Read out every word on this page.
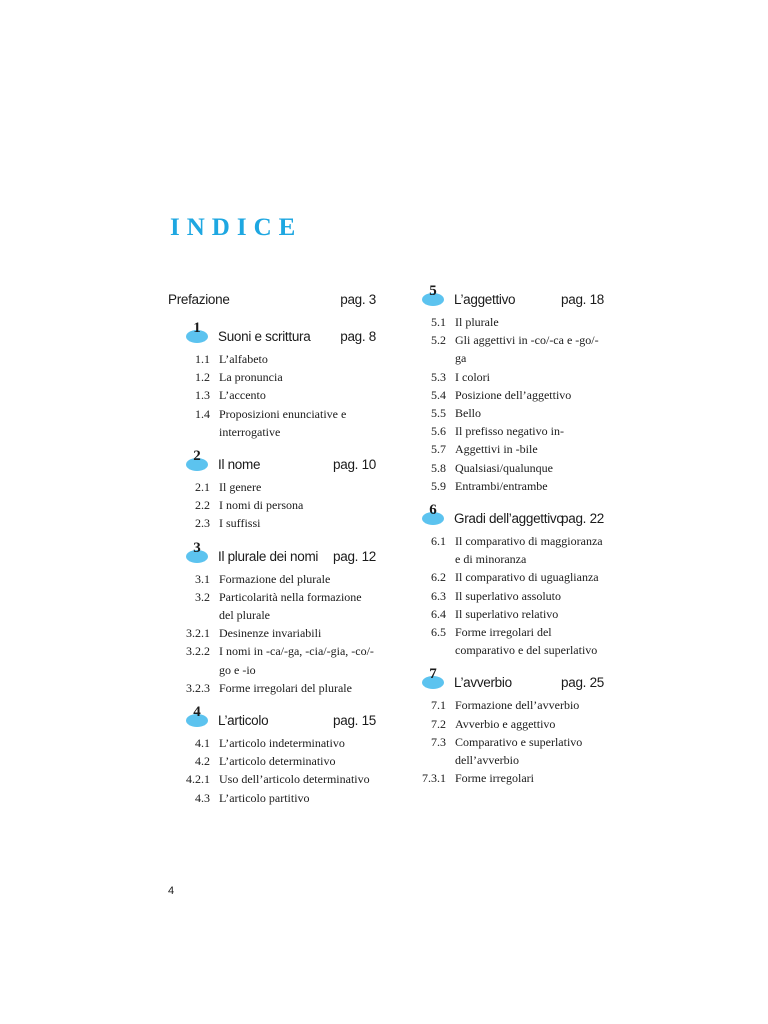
INDICE
Prefazione	pag. 3
1
Suoni e scrittura pag. 8
1.1 L’alfabeto
1.2 La pronuncia
1.3 L’accento
1.4 Proposizioni enunciative e interrogative
2
Il nome	pag. 10
2.1 Il genere
2.2 I nomi di persona
2.3 I suffissi
3
Il plurale dei nomi pag. 12
3.1 Formazione del plurale
3.2 Particolarità nella formazione del plurale
3.2.1 Desinenze invariabili
3.2.2 I nomi in -ca/-ga, -cia/-gia, -co/-go e -io
3.2.3 Forme irregolari del plurale
4
L’articolo	pag. 15
4.1 L’articolo indeterminativo
4.2 L’articolo determinativo
4.2.1 Uso dell’articolo determinativo
4.3 L’articolo partitivo
5
L’aggettivo	pag. 18
5.1 Il plurale
5.2 Gli aggettivi in -co/-ca e -go/-ga
5.3 I colori
5.4 Posizione dell’aggettivo
5.5 Bello
5.6 Il prefisso negativo in-
5.7 Aggettivi in -bile
5.8 Qualsiasi/qualunque
5.9 Entrambi/entrambe
6
Gradi dell’aggettivo
pag. 22
6.1 Il comparativo di maggioranza e di minoranza
6.2 Il comparativo di uguaglianza
6.3 Il superlativo assoluto
6.4 Il superlativo relativo
6.5 Forme irregolari del comparativo e del superlativo
7
L’avverbio	pag. 25
7.1 Formazione dell’avverbio
7.2 Avverbio e aggettivo
7.3 Comparativo e superlativo dell’avverbio
7.3.1 Forme irregolari
4
